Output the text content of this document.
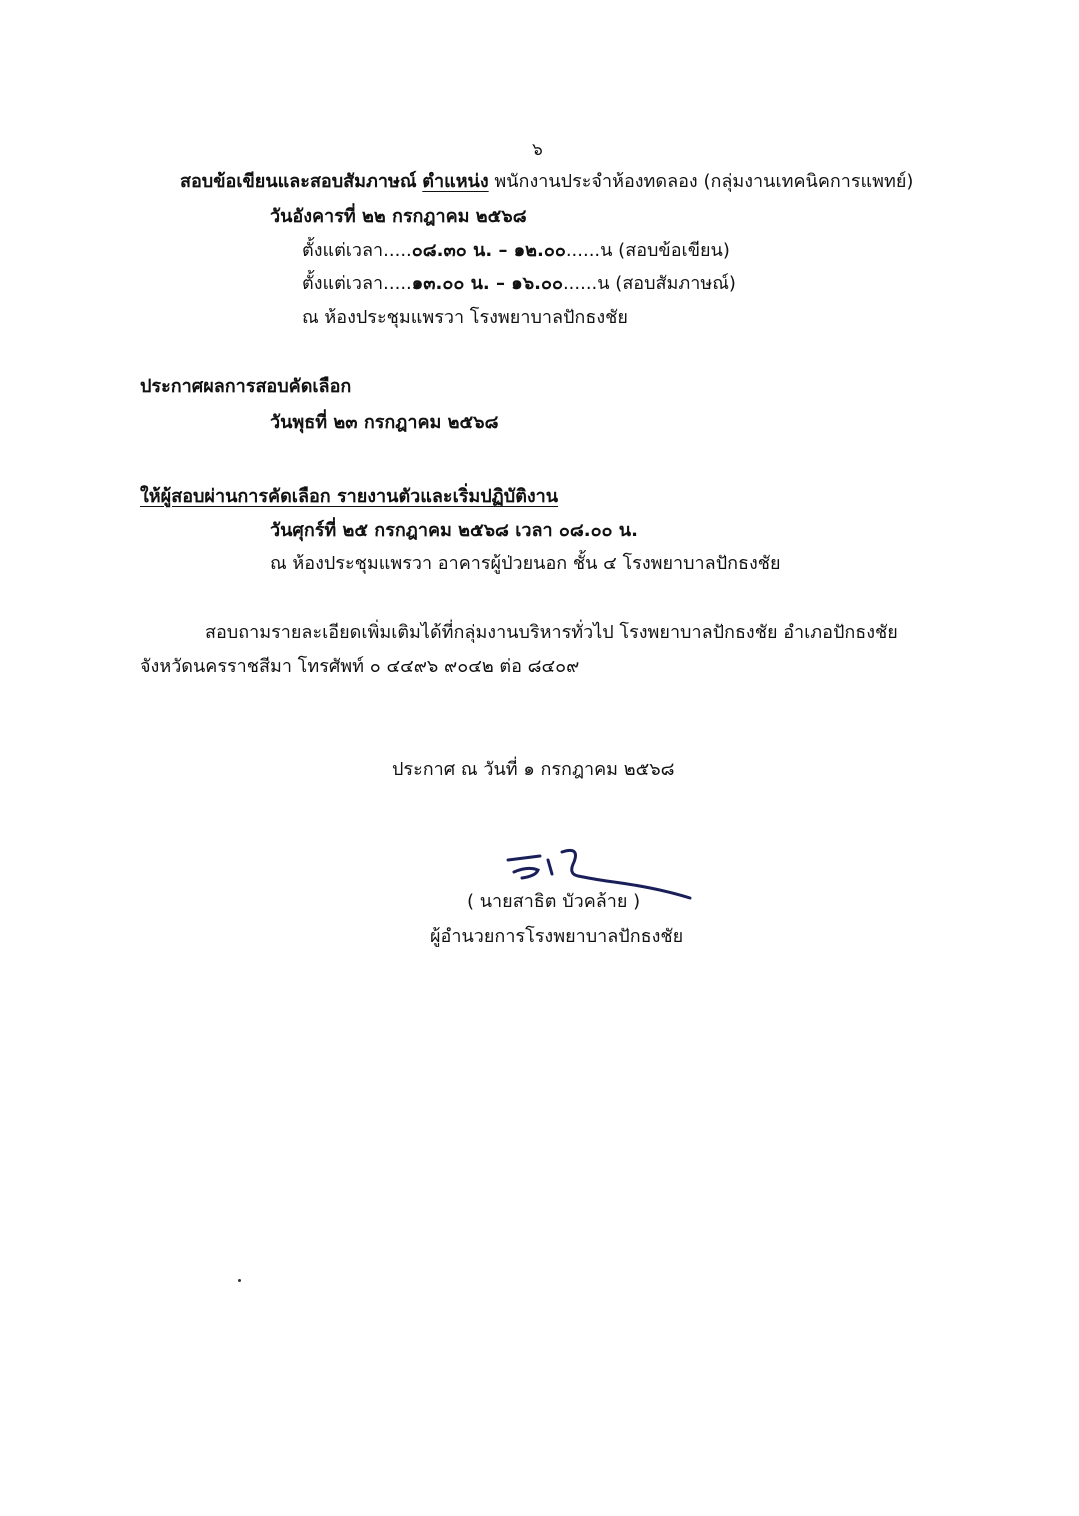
๖
สอบข้อเขียนและสอบสัมภาษณ์ ตำแหน่ง พนักงานประจำห้องทดลอง (กลุ่มงานเทคนิคการแพทย์)
วันอังคารที่ ๒๒ กรกฎาคม ๒๕๖๘
ตั้งแต่เวลา.....๐๘.๓๐ น. – ๑๒.๐๐......น (สอบข้อเขียน)
ตั้งแต่เวลา.....๑๓.๐๐ น. – ๑๖.๐๐......น (สอบสัมภาษณ์)
ณ ห้องประชุมแพรวา โรงพยาบาลปักธงชัย
ประกาศผลการสอบคัดเลือก
วันพุธที่ ๒๓ กรกฎาคม ๒๕๖๘
ให้ผู้สอบผ่านการคัดเลือก รายงานตัวและเริ่มปฏิบัติงาน
วันศุกร์ที่ ๒๕ กรกฎาคม ๒๕๖๘ เวลา ๐๘.๐๐ น.
ณ ห้องประชุมแพรวา อาคารผู้ป่วยนอก ชั้น ๔ โรงพยาบาลปักธงชัย
สอบถามรายละเอียดเพิ่มเติมได้ที่กลุ่มงานบริหารทั่วไป โรงพยาบาลปักธงชัย อำเภอปักธงชัย
จังหวัดนครราชสีมา โทรศัพท์ ๐ ๔๔๙๖ ๙๐๔๒ ต่อ ๘๔๐๙
ประกาศ ณ วันที่ ๑ กรกฎาคม ๒๕๖๘
( นายสาธิต บัวคล้าย )
ผู้อำนวยการโรงพยาบาลปักธงชัย
